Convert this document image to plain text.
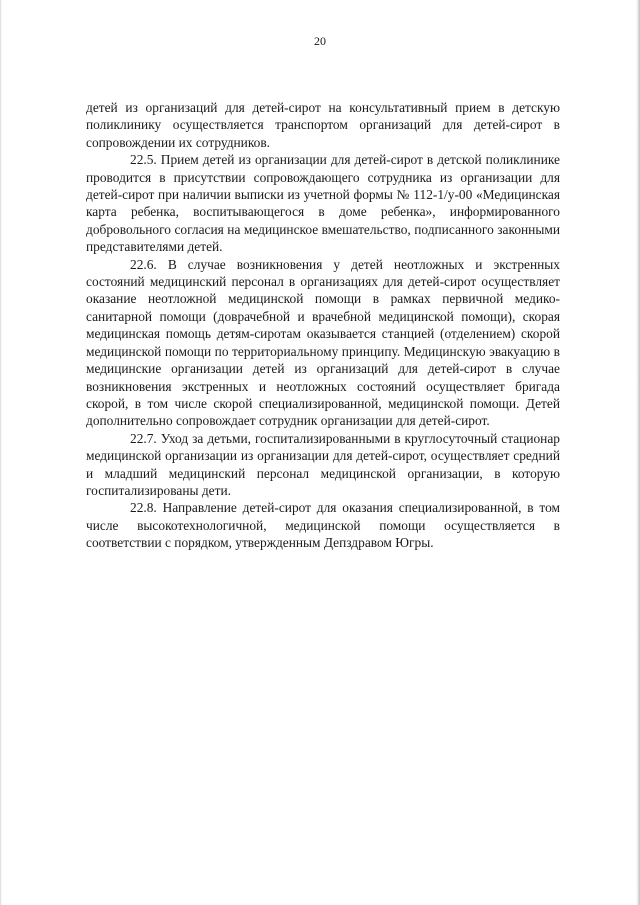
20

детей из организаций для детей-сирот на консультативный прием в детскую поликлинику осуществляется транспортом организаций для детей-сирот в сопровождении их сотрудников.

22.5. Прием детей из организации для детей-сирот в детской поликлинике проводится в присутствии сопровождающего сотрудника из организации для детей-сирот при наличии выписки из учетной формы № 112-1/у-00 «Медицинская карта ребенка, воспитывающегося в доме ребенка», информированного добровольного согласия на медицинское вмешательство, подписанного законными представителями детей.

22.6. В случае возникновения у детей неотложных и экстренных состояний медицинский персонал в организациях для детей-сирот осуществляет оказание неотложной медицинской помощи в рамках первичной медико-санитарной помощи (доврачебной и врачебной медицинской помощи), скорая медицинская помощь детям-сиротам оказывается станцией (отделением) скорой медицинской помощи по территориальному принципу. Медицинскую эвакуацию в медицинские организации детей из организаций для детей-сирот в случае возникновения экстренных и неотложных состояний осуществляет бригада скорой, в том числе скорой специализированной, медицинской помощи. Детей дополнительно сопровождает сотрудник организации для детей-сирот.

22.7. Уход за детьми, госпитализированными в круглосуточный стационар медицинской организации из организации для детей-сирот, осуществляет средний и младший медицинский персонал медицинской организации, в которую госпитализированы дети.

22.8. Направление детей-сирот для оказания специализированной, в том числе высокотехнологичной, медицинской помощи осуществляется в соответствии с порядком, утвержденным Депздравом Югры.
